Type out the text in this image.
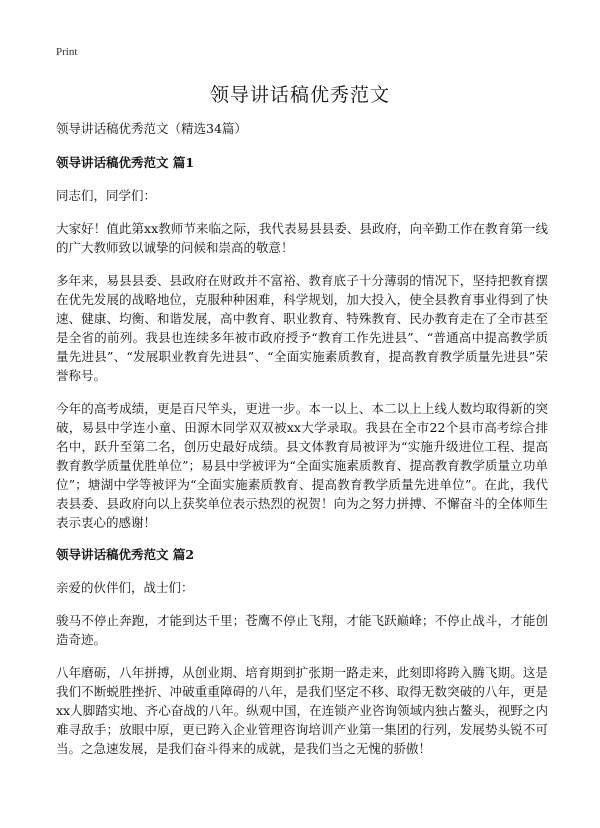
Print
领导讲话稿优秀范文

领导讲话稿优秀范文（精选34篇）

领导讲话稿优秀范文 篇1

同志们，同学们：

大家好！值此第xx教师节来临之际，我代表易县县委、县政府，向辛勤工作在教育第一线的广大教师致以诚挚的问候和崇高的敬意！

多年来，易县县委、县政府在财政并不富裕、教育底子十分薄弱的情况下，坚持把教育摆在优先发展的战略地位，克服种种困难，科学规划，加大投入，使全县教育事业得到了快速、健康、均衡、和谐发展，高中教育、职业教育、特殊教育、民办教育走在了全市甚至是全省的前列。我县也连续多年被市政府授予“教育工作先进县”、“普通高中提高教学质量先进县”、“发展职业教育先进县”、“全面实施素质教育，提高教育教学质量先进县”荣誉称号。

今年的高考成绩，更是百尺竿头，更进一步。本一以上、本二以上上线人数均取得新的突破，易县中学连小童、田源木同学双双被xx大学录取。我县在全市22个县市高考综合排名中，跃升至第二名，创历史最好成绩。县文体教育局被评为“实施升级进位工程、提高教育教学质量优胜单位”；易县中学被评为“全面实施素质教育、提高教育教学质量立功单位”；塘湖中学等被评为“全面实施素质教育、提高教育教学质量先进单位”。在此，我代表县委、县政府向以上获奖单位表示热烈的祝贺！向为之努力拼搏、不懈奋斗的全体师生表示衷心的感谢！

领导讲话稿优秀范文 篇2

亲爱的伙伴们，战士们：

骏马不停止奔跑，才能到达千里；苍鹰不停止飞翔，才能飞跃巅峰；不停止战斗，才能创造奇迹。

八年磨砺，八年拼搏，从创业期、培育期到扩张期一路走来，此刻即将跨入腾飞期。这是我们不断蜕胜挫折、冲破重重障碍的八年，是我们坚定不移、取得无数突破的八年，更是xx人脚踏实地、齐心奋战的八年。纵观中国，在连锁产业咨询领域内独占鳌头，视野之内难寻敌手；放眼中原，更已跨入企业管理咨询培训产业第一集团的行列，发展势头锐不可当。之急速发展，是我们奋斗得来的成就，是我们当之无愧的骄傲！
